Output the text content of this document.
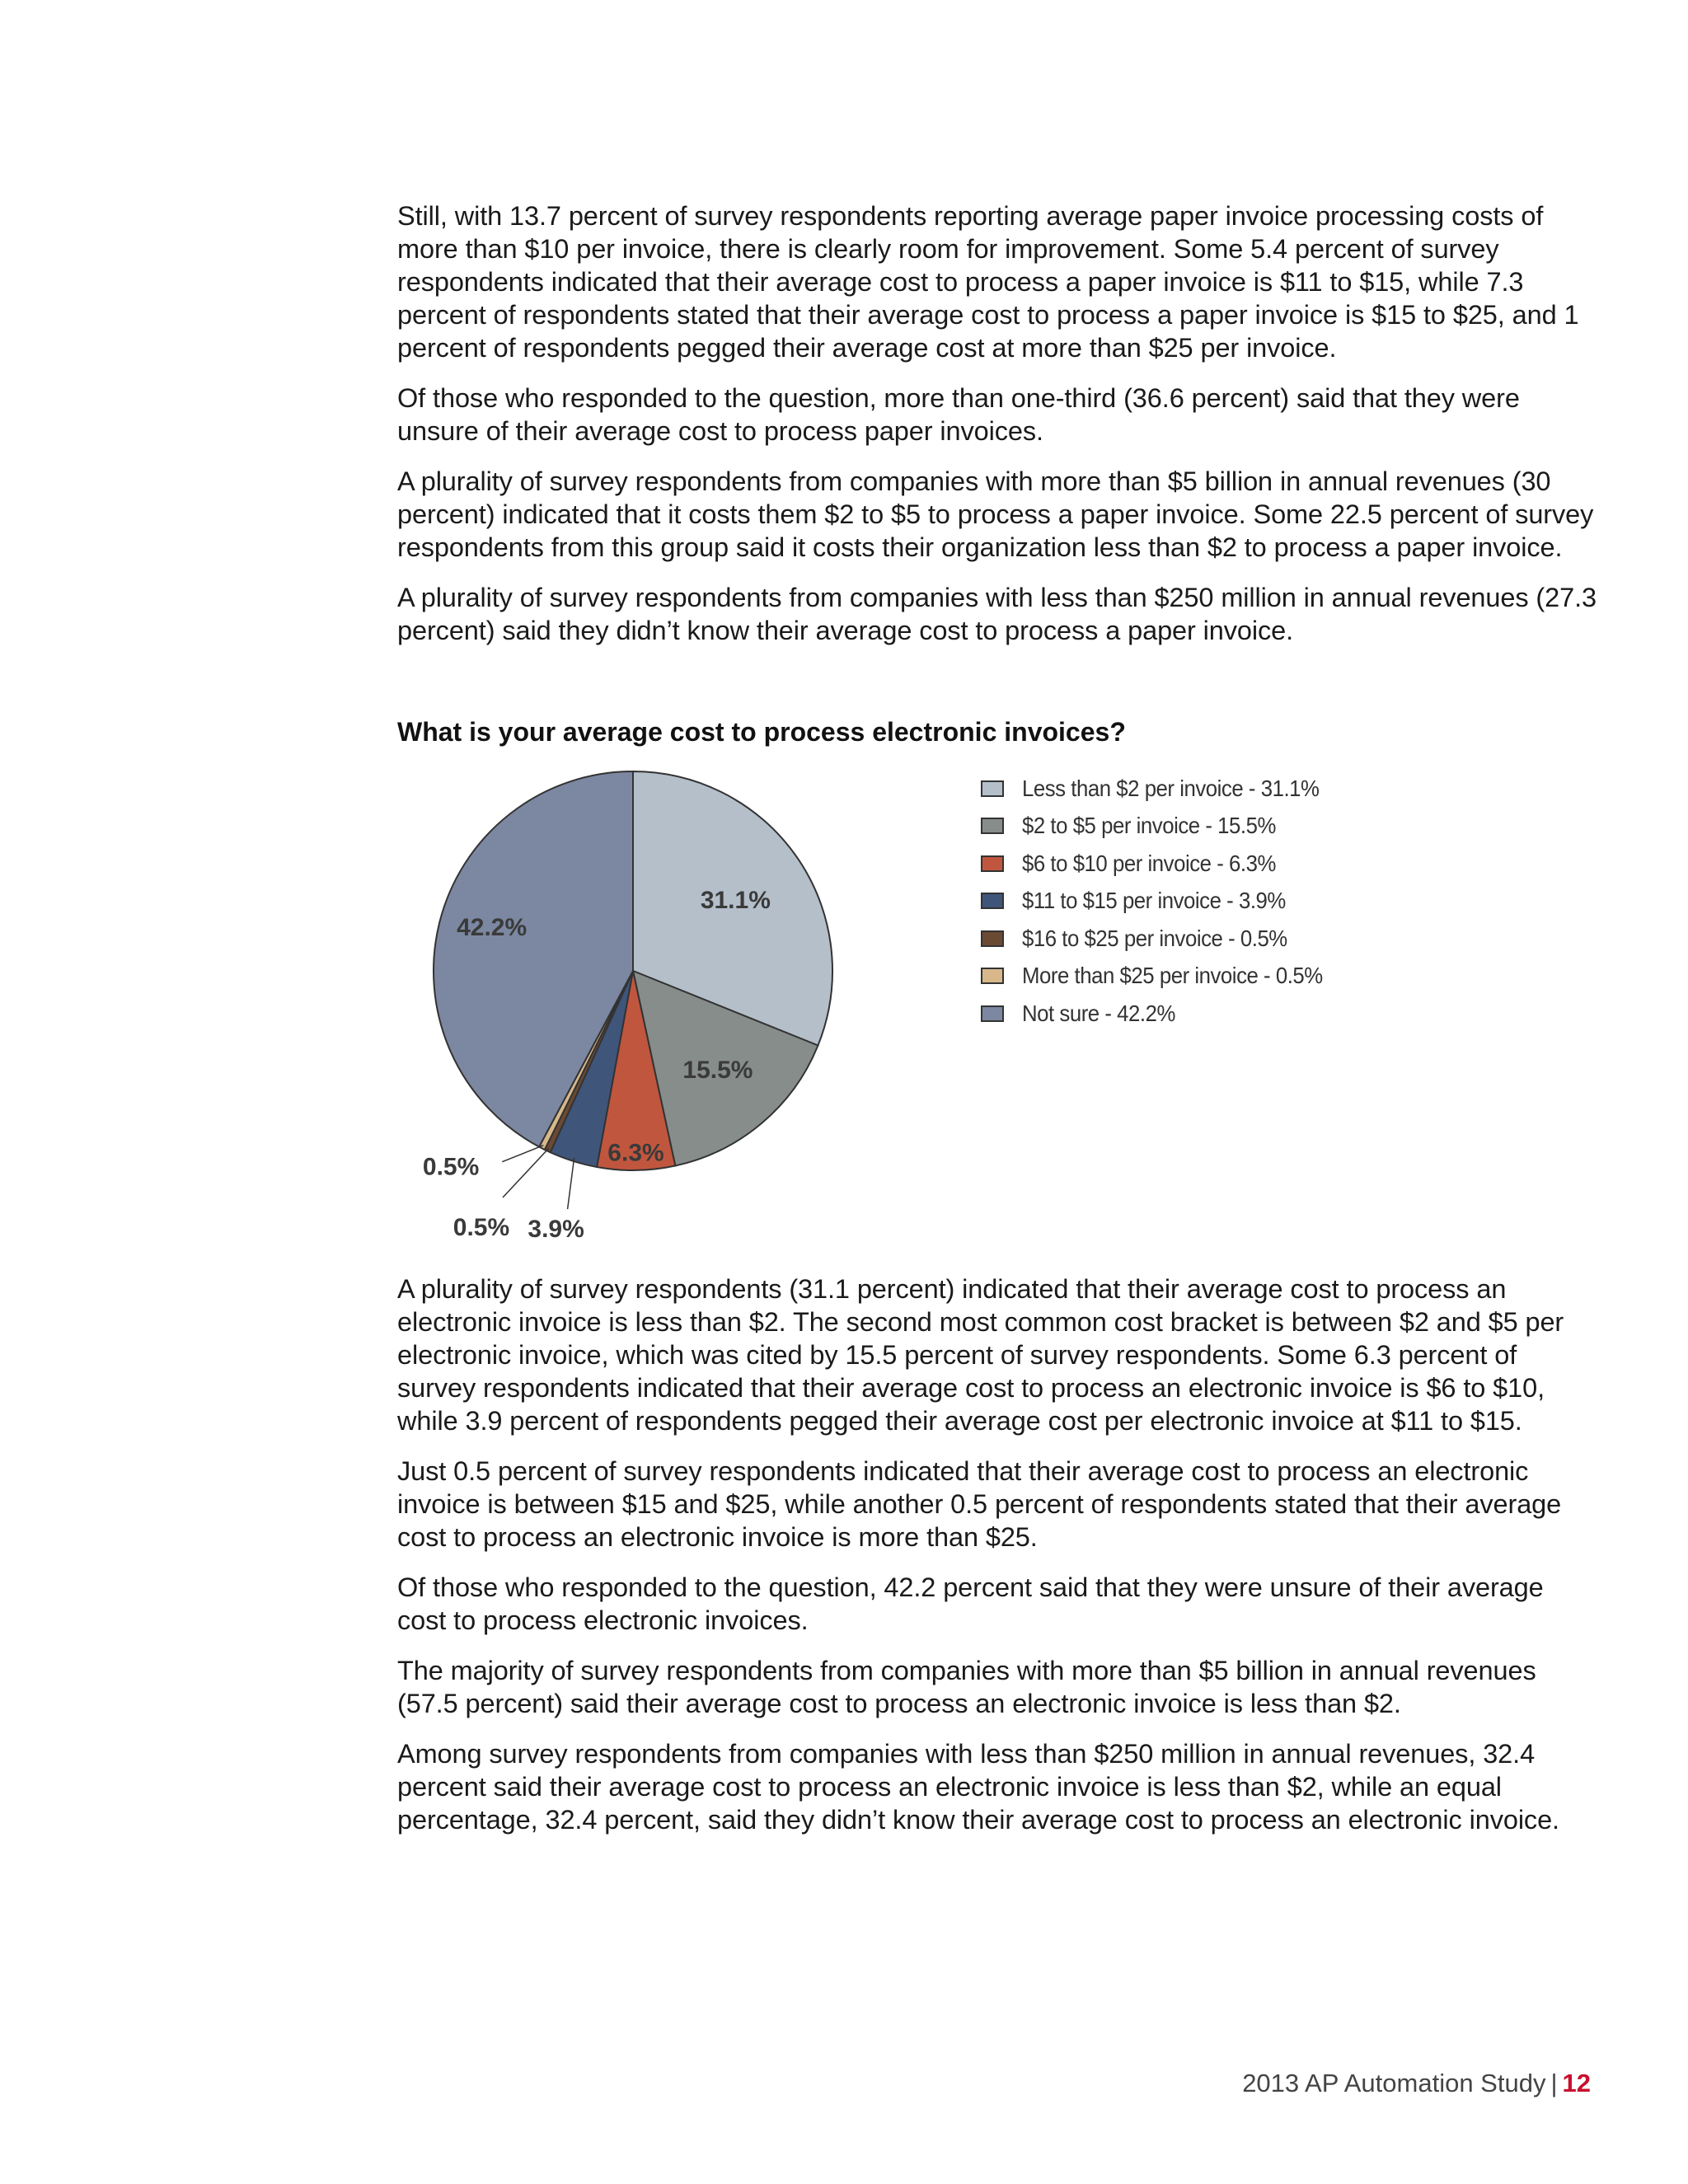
Still, with 13.7 percent of survey respondents reporting average paper invoice processing costs of more than $10 per invoice, there is clearly room for improvement. Some 5.4 percent of survey respondents indicated that their average cost to process a paper invoice is $11 to $15, while 7.3 percent of respondents stated that their average cost to process a paper invoice is $15 to $25, and 1 percent of respondents pegged their average cost at more than $25 per invoice.

Of those who responded to the question, more than one-third (36.6 percent) said that they were unsure of their average cost to process paper invoices.

A plurality of survey respondents from companies with more than $5 billion in annual revenues (30 percent) indicated that it costs them $2 to $5 to process a paper invoice. Some 22.5 percent of survey respondents from this group said it costs their organization less than $2 to process a paper invoice.

A plurality of survey respondents from companies with less than $250 million in annual revenues (27.3 percent) said they didn’t know their average cost to process a paper invoice.

What is your average cost to process electronic invoices?
31.1%
15.5%
6.3%
3.9%
0.5%
0.5%
42.2%
Less than $2 per invoice - 31.1%
$2 to $5 per invoice - 15.5%
$6 to $10 per invoice - 6.3%
$11 to $15 per invoice - 3.9%
$16 to $25 per invoice - 0.5%
More than $25 per invoice - 0.5%
Not sure - 42.2%

A plurality of survey respondents (31.1 percent) indicated that their average cost to process an electronic invoice is less than $2. The second most common cost bracket is between $2 and $5 per electronic invoice, which was cited by 15.5 percent of survey respondents. Some 6.3 percent of survey respondents indicated that their average cost to process an electronic invoice is $6 to $10, while 3.9 percent of respondents pegged their average cost per electronic invoice at $11 to $15.

Just 0.5 percent of survey respondents indicated that their average cost to process an electronic invoice is between $15 and $25, while another 0.5 percent of respondents stated that their average cost to process an electronic invoice is more than $25.

Of those who responded to the question, 42.2 percent said that they were unsure of their average cost to process electronic invoices.

The majority of survey respondents from companies with more than $5 billion in annual revenues (57.5 percent) said their average cost to process an electronic invoice is less than $2.

Among survey respondents from companies with less than $250 million in annual revenues, 32.4 percent said their average cost to process an electronic invoice is less than $2, while an equal percentage, 32.4 percent, said they didn’t know their average cost to process an electronic invoice.

2013 AP Automation Study | 12
